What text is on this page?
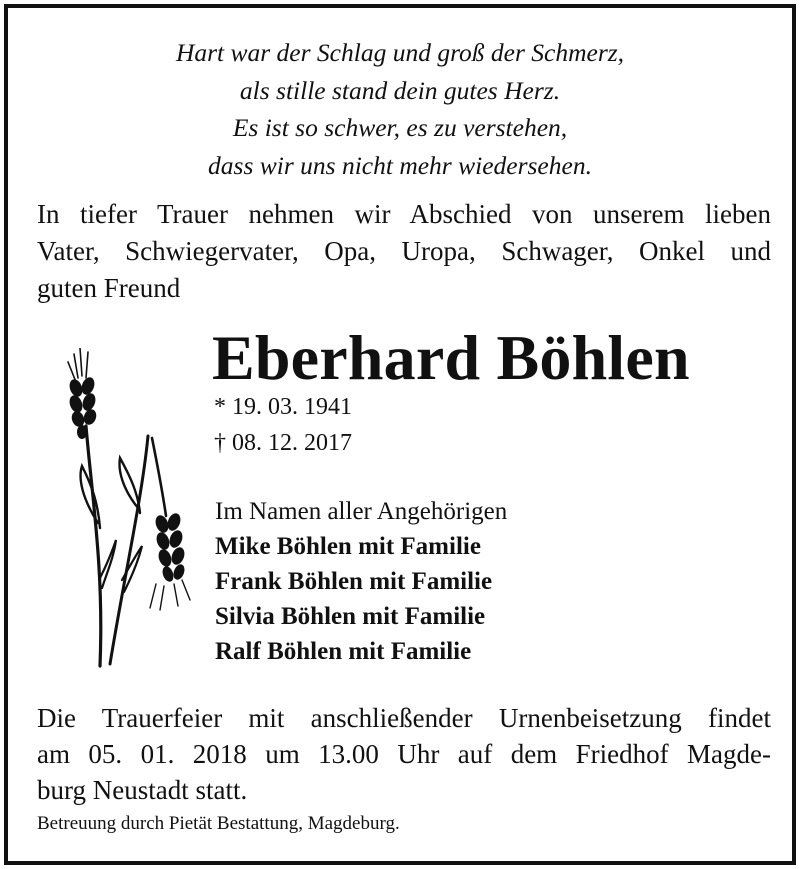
Hart war der Schlag und groß der Schmerz,
als stille stand dein gutes Herz.
Es ist so schwer, es zu verstehen,
dass wir uns nicht mehr wiedersehen.
In tiefer Trauer nehmen wir Abschied von unserem lieben
Vater, Schwiegervater, Opa, Uropa, Schwager, Onkel und
guten Freund
Eberhard Böhlen
* 19. 03. 1941
† 08. 12. 2017
Im Namen aller Angehörigen
Mike Böhlen mit Familie
Frank Böhlen mit Familie
Silvia Böhlen mit Familie
Ralf Böhlen mit Familie
Die Trauerfeier mit anschließender Urnenbeisetzung findet
am 05. 01. 2018 um 13.00 Uhr auf dem Friedhof Magde-
burg Neustadt statt.
Betreuung durch Pietät Bestattung, Magdeburg.
